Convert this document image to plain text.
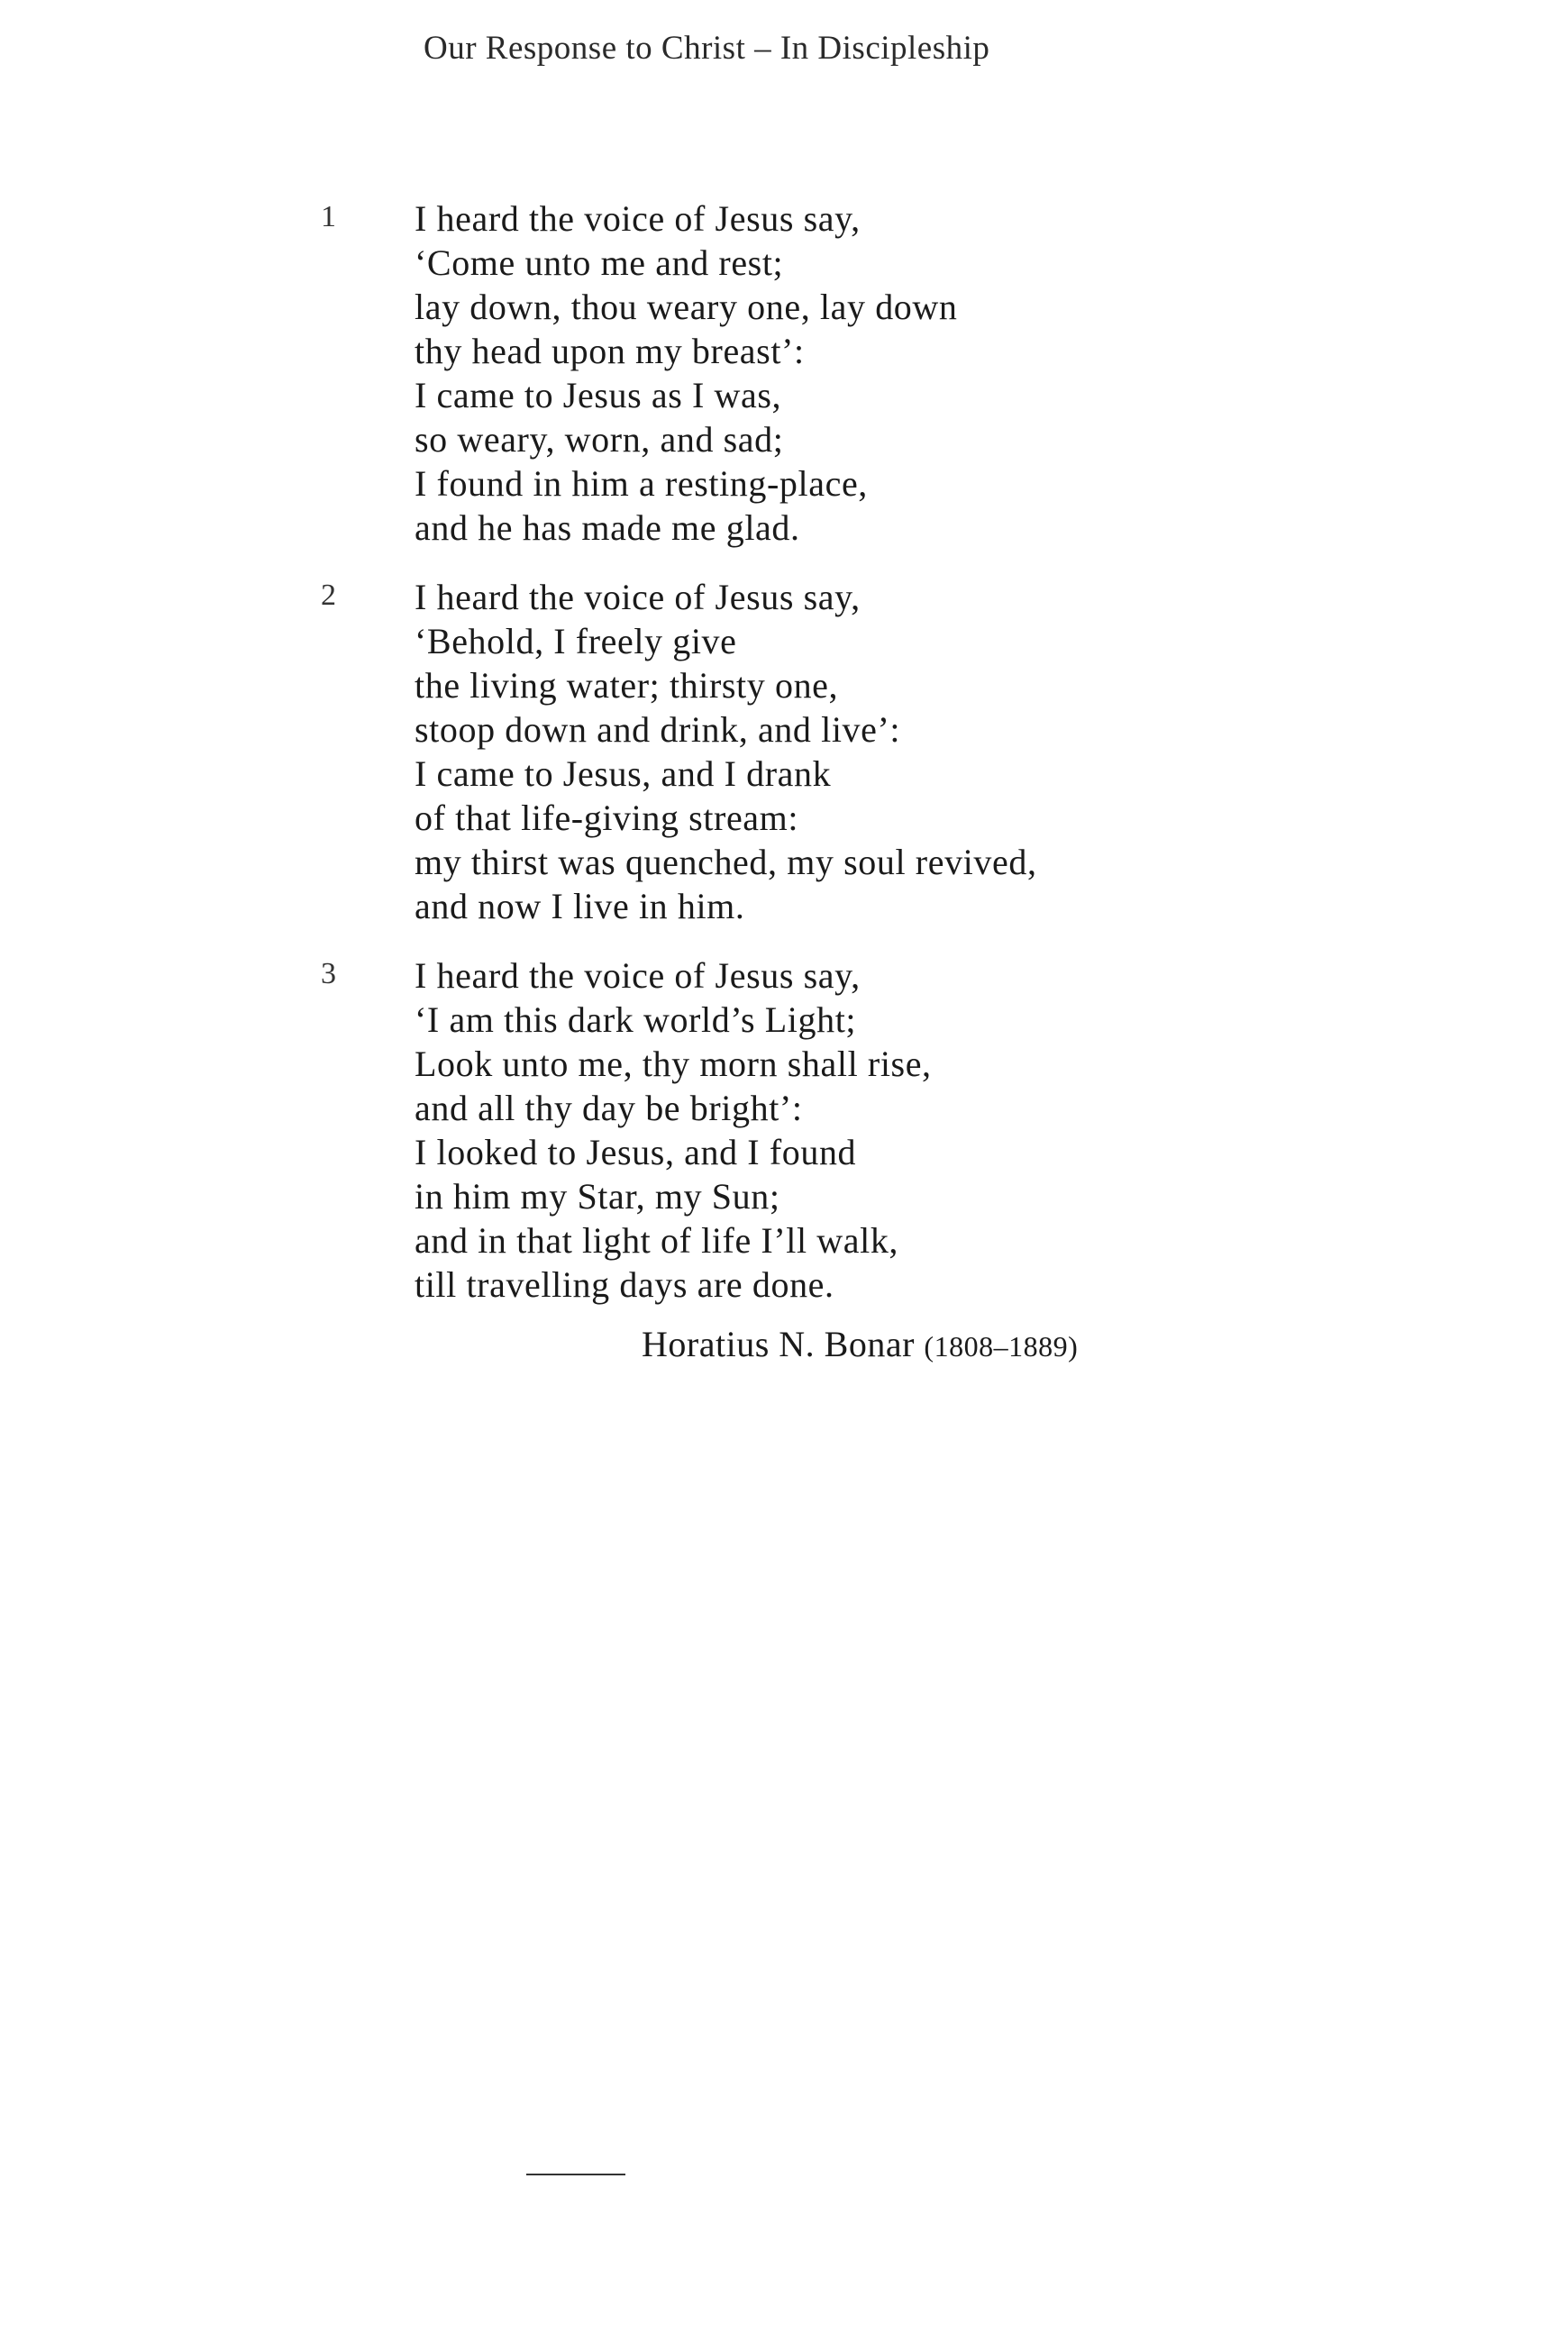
Our Response to Christ – In Discipleship
1 I heard the voice of Jesus say,
‘Come unto me and rest;
lay down, thou weary one, lay down
thy head upon my breast’:
I came to Jesus as I was,
so weary, worn, and sad;
I found in him a resting-place,
and he has made me glad.
2 I heard the voice of Jesus say,
‘Behold, I freely give
the living water; thirsty one,
stoop down and drink, and live’:
I came to Jesus, and I drank
of that life-giving stream:
my thirst was quenched, my soul revived,
and now I live in him.
3 I heard the voice of Jesus say,
‘I am this dark world’s Light;
Look unto me, thy morn shall rise,
and all thy day be bright’:
I looked to Jesus, and I found
in him my Star, my Sun;
and in that light of life I’ll walk,
till travelling days are done.
Horatius N. Bonar (1808–1889)
